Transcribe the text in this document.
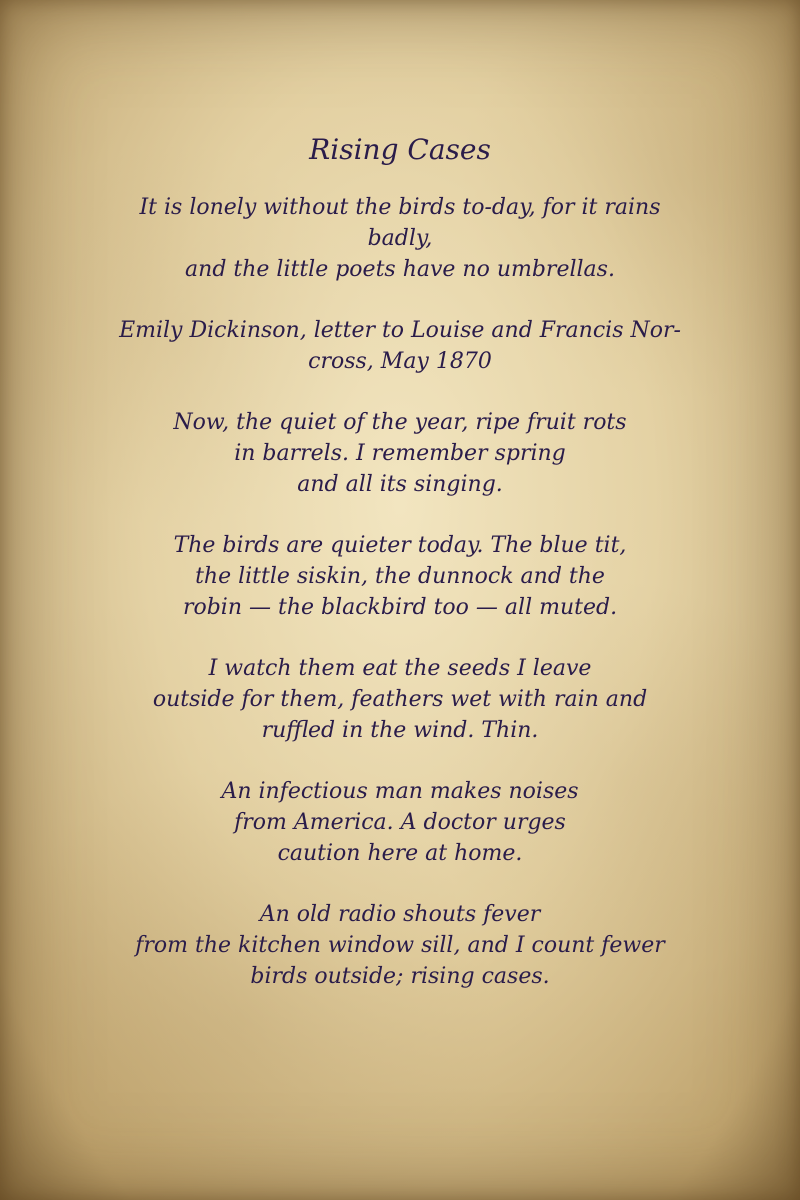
Rising Cases
It is lonely without the birds to-day, for it rains
badly,
and the little poets have no umbrellas.
Emily Dickinson, letter to Louise and Francis Nor-
cross, May 1870
Now, the quiet of the year, ripe fruit rots
in barrels. I remember spring
and all its singing.
The birds are quieter today. The blue tit,
the little siskin, the dunnock and the
robin — the blackbird too — all muted.
I watch them eat the seeds I leave
outside for them, feathers wet with rain and
ruffled in the wind. Thin.
An infectious man makes noises
from America. A doctor urges
caution here at home.
An old radio shouts fever
from the kitchen window sill, and I count fewer
birds outside; rising cases.
